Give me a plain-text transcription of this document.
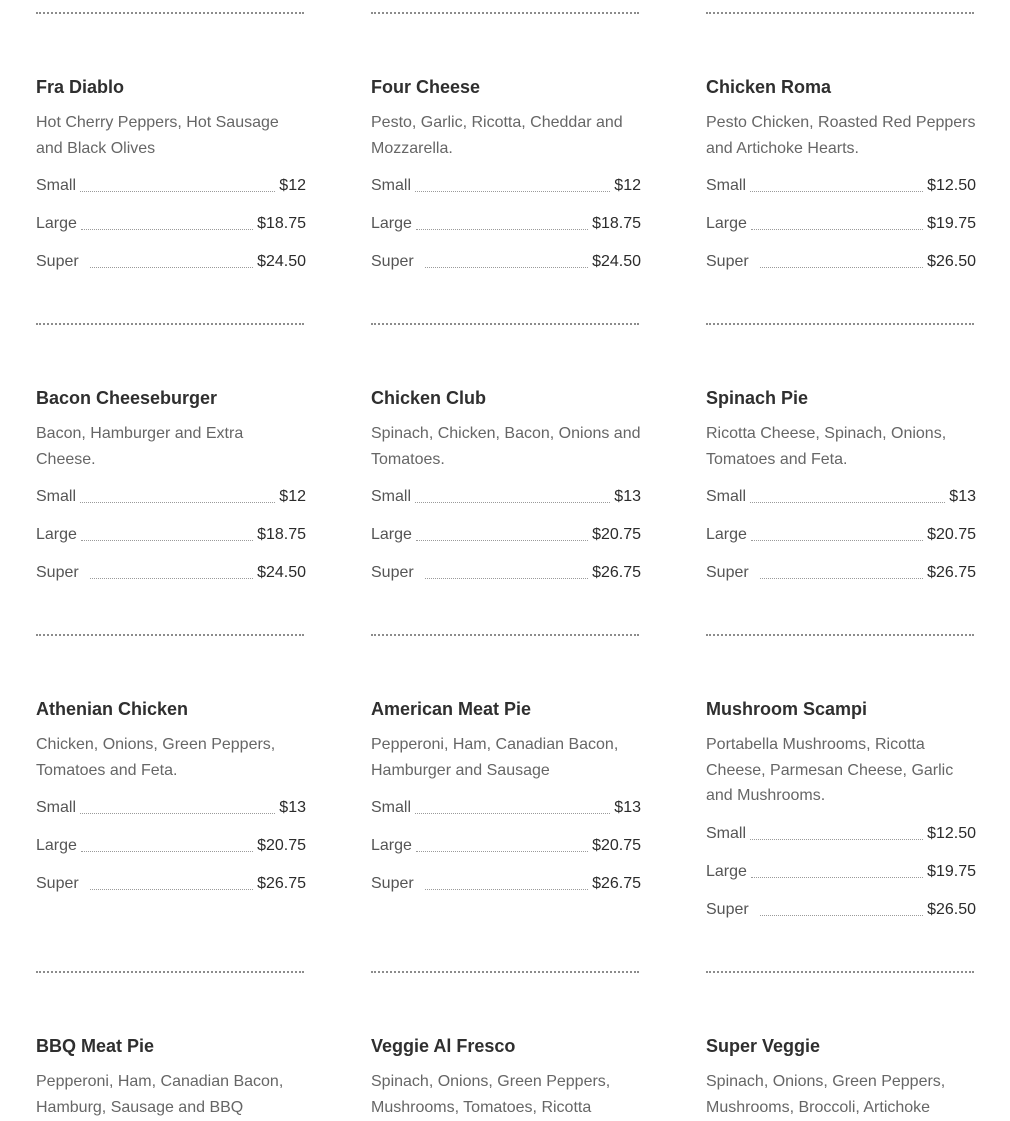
Fra Diablo
Hot Cherry Peppers, Hot Sausage and Black Olives
Small	$12
Large	$18.75
Super	$24.50
Four Cheese
Pesto, Garlic, Ricotta, Cheddar and Mozzarella.
Small	$12
Large	$18.75
Super	$24.50
Chicken Roma
Pesto Chicken, Roasted Red Peppers and Artichoke Hearts.
Small	$12.50
Large	$19.75
Super	$26.50
Bacon Cheeseburger
Bacon, Hamburger and Extra Cheese.
Small	$12
Large	$18.75
Super	$24.50
Chicken Club
Spinach, Chicken, Bacon, Onions and Tomatoes.
Small	$13
Large	$20.75
Super	$26.75
Spinach Pie
Ricotta Cheese, Spinach, Onions, Tomatoes and Feta.
Small	$13
Large	$20.75
Super	$26.75
Athenian Chicken
Chicken, Onions, Green Peppers, Tomatoes and Feta.
Small	$13
Large	$20.75
Super	$26.75
American Meat Pie
Pepperoni, Ham, Canadian Bacon, Hamburger and Sausage
Small	$13
Large	$20.75
Super	$26.75
Mushroom Scampi
Portabella Mushrooms, Ricotta Cheese, Parmesan Cheese, Garlic and Mushrooms.
Small	$12.50
Large	$19.75
Super	$26.50
BBQ Meat Pie
Pepperoni, Ham, Canadian Bacon, Hamburg, Sausage and BBQ
Veggie Al Fresco
Spinach, Onions, Green Peppers, Mushrooms, Tomatoes, Ricotta
Super Veggie
Spinach, Onions, Green Peppers, Mushrooms, Broccoli, Artichoke
